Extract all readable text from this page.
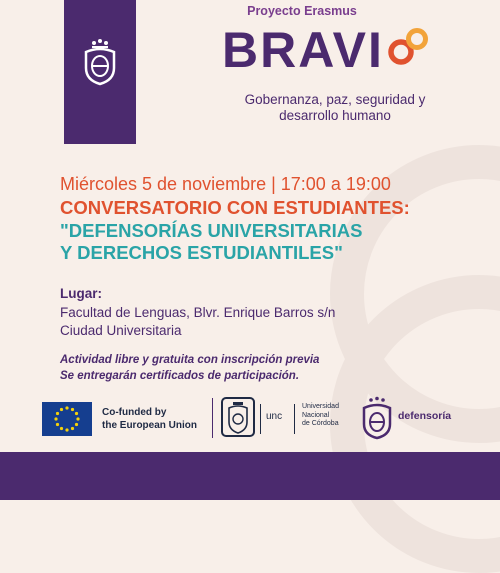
Proyecto Erasmus
BRAVI
Gobernanza, paz, seguridad y
desarrollo humano
Miércoles 5 de noviembre | 17:00 a 19:00
CONVERSATORIO CON ESTUDIANTES:
"DEFENSORÍAS UNIVERSITARIAS
Y DERECHOS ESTUDIANTILES"
Lugar:
Facultad de Lenguas, Blvr. Enrique Barros s/n
Ciudad Universitaria
Actividad libre y gratuita con inscripción previa
Se entregarán certificados de participación.
Co-funded by
the European Union
unc
Universidad
Nacional
de Córdoba
defensoría
